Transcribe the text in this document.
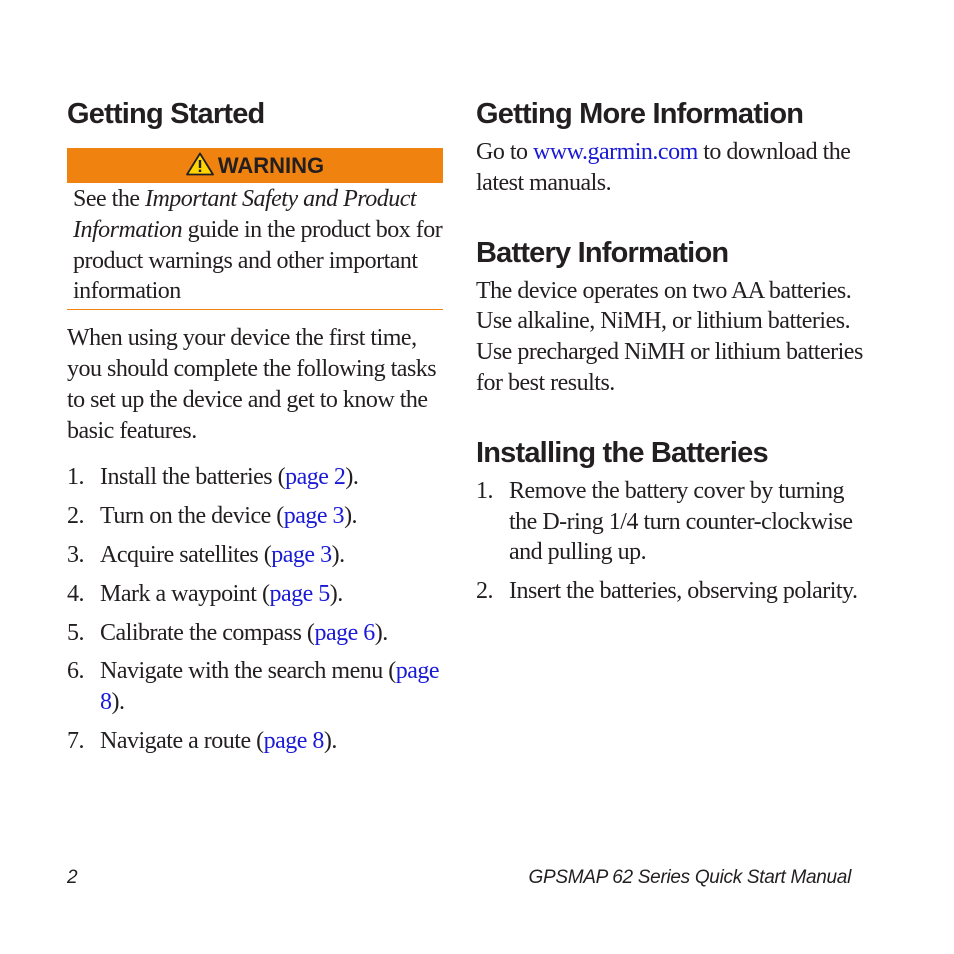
Getting Started
WARNING

See the Important Safety and Product Information guide in the product box for product warnings and other important information

When using your device the first time, you should complete the following tasks to set up the device and get to know the basic features.

1. Install the batteries (page 2).
2. Turn on the device (page 3).
3. Acquire satellites (page 3).
4. Mark a waypoint (page 5).
5. Calibrate the compass (page 6).
6. Navigate with the search menu (page 8).
7. Navigate a route (page 8).
Getting More Information

Go to www.garmin.com to download the latest manuals.

Battery Information

The device operates on two AA batteries. Use alkaline, NiMH, or lithium batteries. Use precharged NiMH or lithium batteries for best results.

Installing the Batteries
1. Remove the battery cover by turning the D-ring 1/4 turn counter-clockwise and pulling up.
2. Insert the batteries, observing polarity.
2	GPSMAP 62 Series Quick Start Manual
